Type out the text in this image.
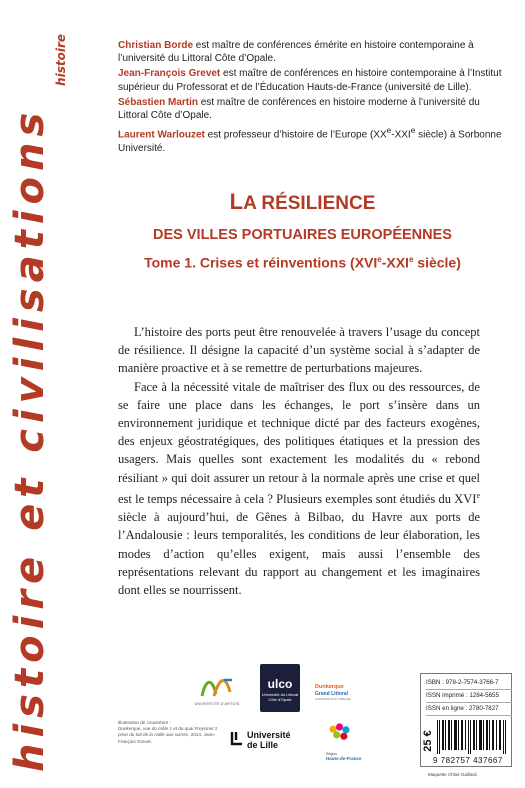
histoire et civilisations
histoire	Christian Borde est maître de conférences émérite en histoire contemporaine à l’université du Littoral Côte d’Opale.

Jean-François Grevet est maître de conférences en histoire contemporaine à l’Institut supérieur du Professorat et de l’Éducation Hauts-de-France (université de Lille).

Sébastien Martin est maître de conférences en histoire moderne à l’université du Littoral Côte d’Opale.

Laurent Warlouzet est professeur d’histoire de l’Europe (XXe-XXIe siècle) à Sorbonne Université.

LA RÉSILIENCE
DES VILLES PORTUAIRES EUROPÉENNES
Tome 1. Crises et réinventions (XVIe-XXIe siècle)

L’histoire des ports peut être renouvelée à travers l’usage du concept de résilience. Il désigne la capacité d’un système social à s’adapter de manière proactive et à se remettre de perturbations majeures.

Face à la nécessité vitale de maîtriser des flux ou des ressources, de se faire une place dans les échanges, le port s’insère dans un environnement juridique et technique dicté par des facteurs exogènes, des enjeux géostratégiques, des politiques étatiques et la pression des usagers. Mais quelles sont exactement les modalités du « rebond résiliant » qui doit assurer un retour à la normale après une crise et quel est le temps nécessaire à cela ? Plusieurs exemples sont étudiés du XVIe siècle à aujourd’hui, de Gênes à Bilbao, du Havre aux ports de l’Andalousie : leurs temporalités, les conditions de leur élaboration, les modes d’action qu’elles exigent, mais aussi l’ensemble des représentations relevant du rapport au changement et les imaginaires dont elles se nourrissent.

UNIVERSITÉ D'ARTOIS
ulco
Université du Littoral Côte d'Opale
Dunkerque
Grand Littoral
COMMUNAUTÉ URBAINE
Université
de Lille
Région
Hauts-de-France
ISBN : 978-2-7574-3766-7
ISSN imprimé : 1284-5655
ISSN en ligne : 2780-7827
25 €
9 782757 437667
Illustration de couverture :
Dunkerque, vue du môle 1 et du quai Freycinet 1 prise du toit de la Halle aux sucres, 2014. Jean-François Grevet.
Maquette Chloé Gaillard.
